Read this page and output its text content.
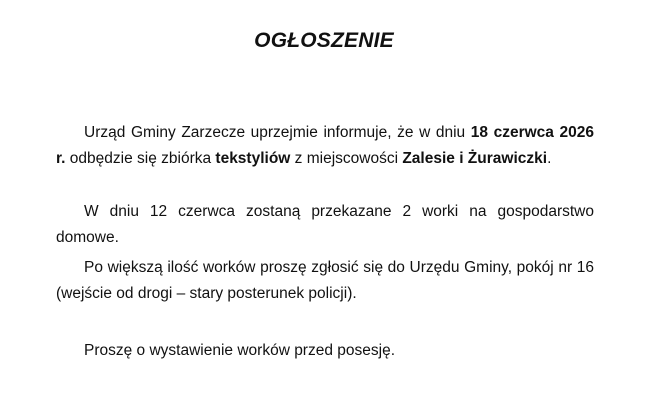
OGŁOSZENIE

Urząd Gminy Zarzecze uprzejmie informuje, że w dniu 18 czerwca 2026 r. odbędzie się zbiórka tekstyliów z miejscowości Zalesie i Żurawiczki.

W dniu 12 czerwca zostaną przekazane 2 worki na gospodarstwo domowe.

Po większą ilość worków proszę zgłosić się do Urzędu Gminy, pokój nr 16 (wejście od drogi – stary posterunek policji).

Proszę o wystawienie worków przed posesję.
